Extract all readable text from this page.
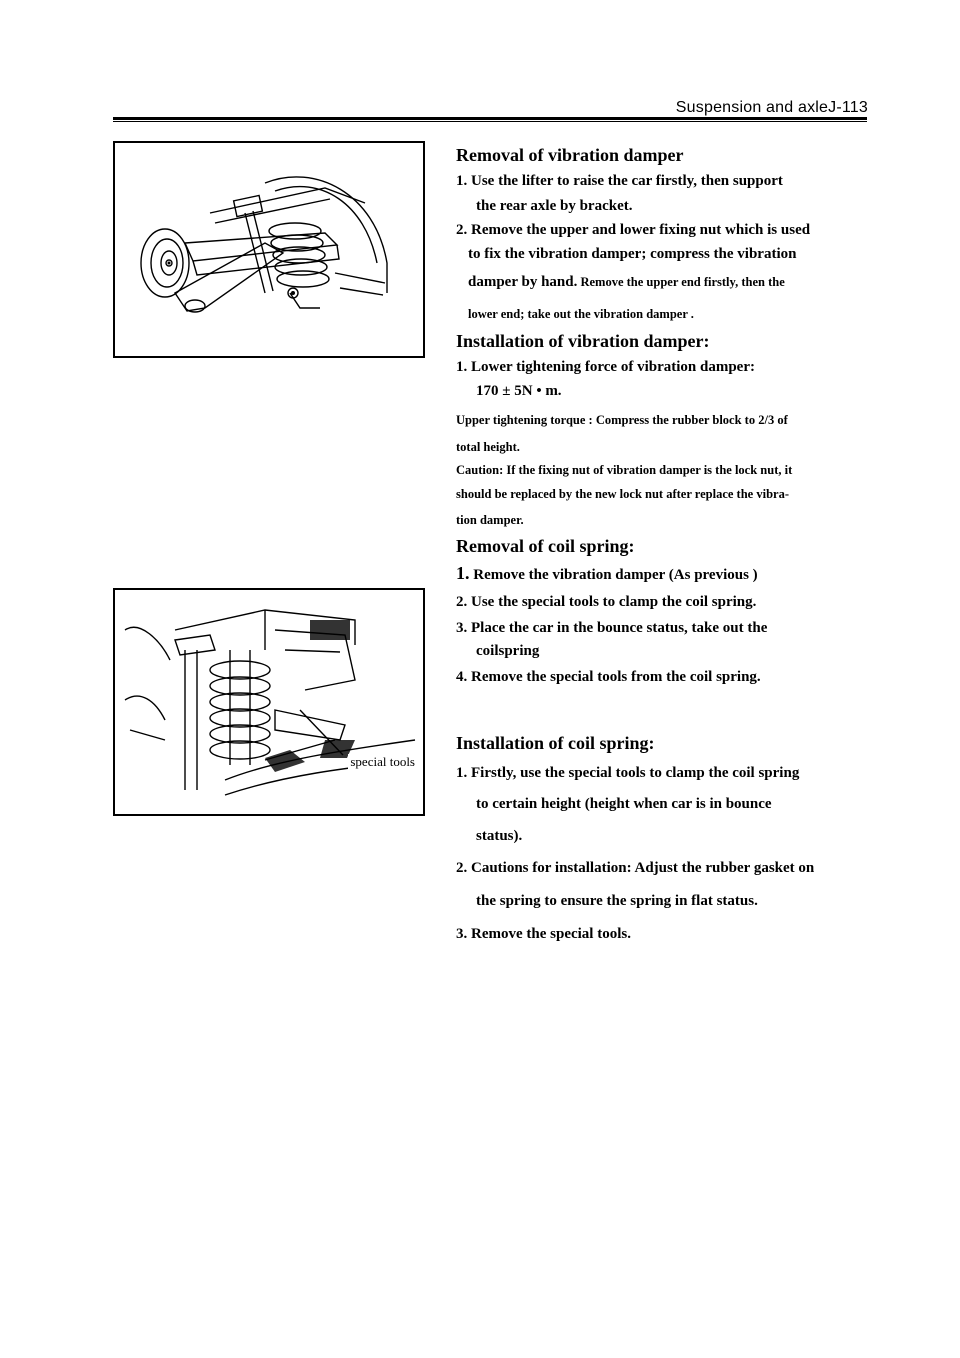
Suspension and axleJ-113
special tools
Removal of vibration damper
1. Use the lifter to raise the car firstly, then support
the rear axle by bracket.
2. Remove the upper and lower fixing nut which is used
to fix the vibration damper; compress the vibration
damper by hand. Remove the upper end firstly, then the
lower end; take out the vibration damper .
Installation of vibration damper:
1. Lower tightening force of vibration damper:
170 ± 5N • m.
Upper tightening torque : Compress the rubber block to 2/3 of
total height.
Caution: If the fixing nut of vibration damper is the lock nut, it
should be replaced by the new lock nut after replace the vibra-
tion damper.
Removal of coil spring:
1. Remove the vibration damper (As previous )
2. Use the special tools to clamp the coil spring.
3. Place the car in the bounce status, take out the
coilspring
4. Remove the special tools from the coil spring.
Installation of coil spring:
1. Firstly, use the special tools to clamp the coil spring
to certain height (height when car is in bounce
status).
2. Cautions for installation: Adjust the rubber gasket on
the spring to ensure the spring in flat status.
3. Remove the special tools.
